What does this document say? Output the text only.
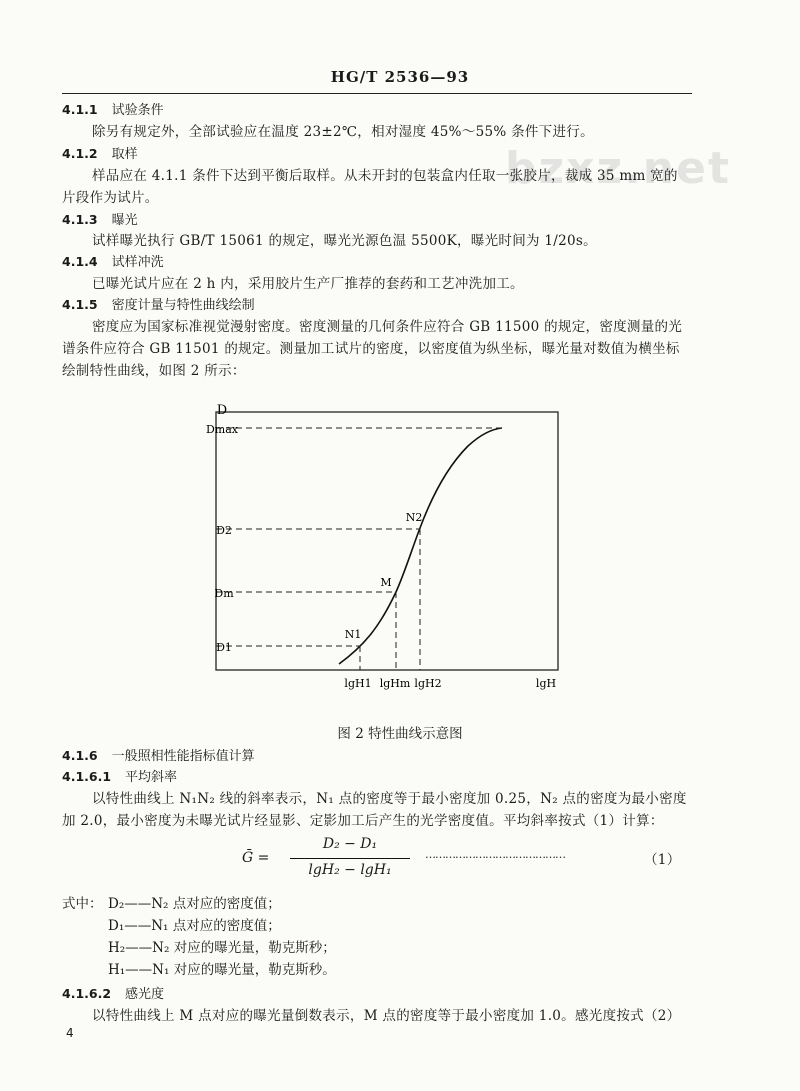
HG/T 2536—93
bzxz.net
4.1.1 试验条件
除另有规定外，全部试验应在温度 23±2℃，相对湿度 45%～55% 条件下进行。
4.1.2 取样
样品应在 4.1.1 条件下达到平衡后取样。从未开封的包装盒内任取一张胶片，裁成 35 mm 宽的
片段作为试片。
4.1.3 曝光
试样曝光执行 GB/T 15061 的规定，曝光光源色温 5500K，曝光时间为 1/20s。
4.1.4 试样冲洗
已曝光试片应在 2 h 内，采用胶片生产厂推荐的套药和工艺冲洗加工。
4.1.5 密度计量与特性曲线绘制
密度应为国家标准视觉漫射密度。密度测量的几何条件应符合 GB 11500 的规定，密度测量的光
谱条件应符合 GB 11501 的规定。测量加工试片的密度，以密度值为纵坐标，曝光量对数值为横坐标
绘制特性曲线，如图 2 所示：
D
Dmax
D2
Dm
D1
N1
M
N2
lgH1 lgHm lgH2	lgH
图 2 特性曲线示意图
4.1.6 一般照相性能指标值计算
4.1.6.1 平均斜率
以特性曲线上 N₁N₂ 线的斜率表示，N₁ 点的密度等于最小密度加 0.25，N₂ 点的密度为最小密度
加 2.0，最小密度为未曝光试片经显影、定影加工后产生的光学密度值。平均斜率按式（1）计算：
Ḡ =
D₂ − D₁
lgH₂ − lgH₁
……………………………………	（1）
式中： D₂——N₂ 点对应的密度值；
D₁——N₁ 点对应的密度值；
H₂——N₂ 对应的曝光量，勒克斯秒；
H₁——N₁ 对应的曝光量，勒克斯秒。
4.1.6.2 感光度
以特性曲线上 M 点对应的曝光量倒数表示，M 点的密度等于最小密度加 1.0。感光度按式（2）
4
